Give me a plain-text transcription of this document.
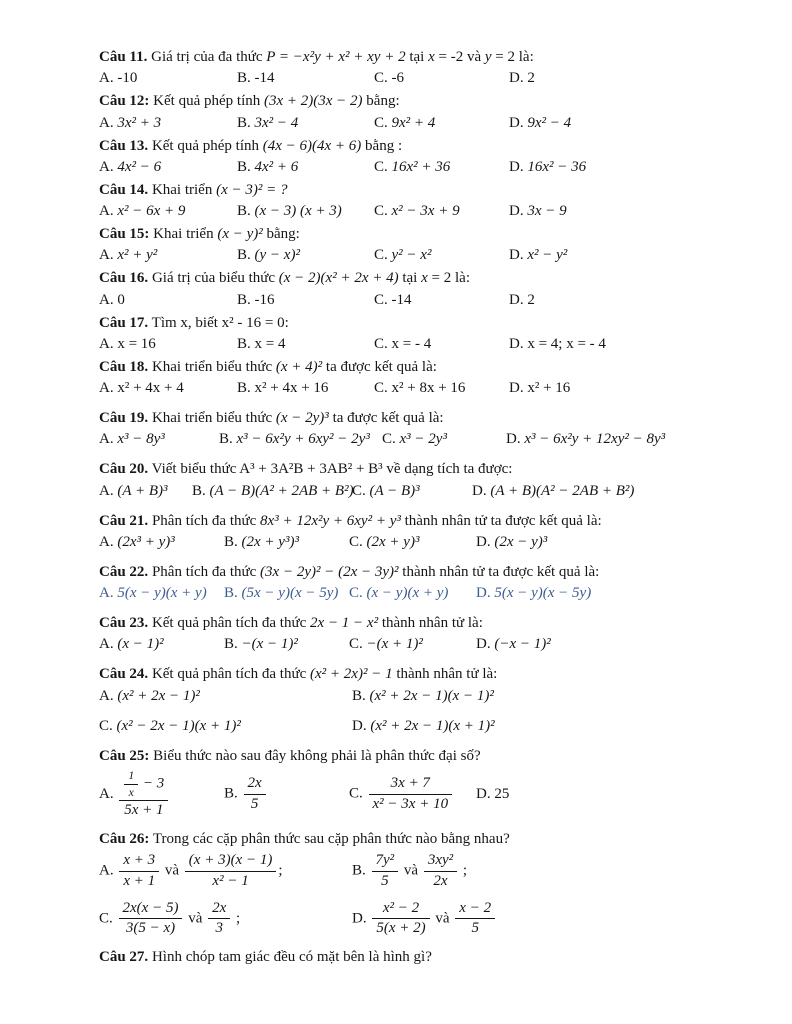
Câu 11. Giá trị của đa thức P = −x²y + x² + xy + 2 tại x = -2 và y = 2 là:
A. -10	B. -14	C. -6	D. 2
Câu 12: Kết quả phép tính (3x + 2)(3x − 2) bằng:
A. 3x² + 3	B. 3x² − 4	C. 9x² + 4	D. 9x² − 4
Câu 13. Kết quả phép tính (4x − 6)(4x + 6) bằng :
A. 4x² − 6	B. 4x² + 6	C. 16x² + 36	D. 16x² − 36
Câu 14. Khai triển (x − 3)² = ?
A. x² − 6x + 9	B. (x − 3) (x + 3)	C. x² − 3x + 9	D. 3x − 9
Câu 15: Khai triển (x − y)² bằng:
A. x² + y²	B. (y − x)²	C. y² − x²	D. x² − y²
Câu 16. Giá trị của biểu thức (x − 2)(x² + 2x + 4) tại x = 2 là:
A. 0	B. -16	C. -14	D. 2
Câu 17. Tìm x, biết x² - 16 = 0:
A. x = 16	B. x = 4	C. x = - 4	D. x = 4; x = - 4
Câu 18. Khai triển biểu thức (x + 4)² ta được kết quả là:
A. x² + 4x + 4	B. x² + 4x + 16	C. x² + 8x + 16	D. x² + 16
Câu 19. Khai triển biểu thức (x − 2y)³ ta được kết quả là:
A. x³ − 8y³	B. x³ − 6x²y + 6xy² − 2y³ C. x³ − 2y³	D. x³ − 6x²y + 12xy² − 8y³
Câu 20. Viết biểu thức A³ + 3A²B + 3AB² + B³ về dạng tích ta được:
A. (A + B)³	B. (A − B)(A² + 2AB + B²)
C. (A − B)³	D. (A + B)(A² − 2AB + B²)
Câu 21. Phân tích đa thức 8x³ + 12x²y + 6xy² + y³ thành nhân tử ta được kết quả là:
A. (2x³ + y)³	B. (2x + y³)³	C. (2x + y)³	D. (2x − y)³
Câu 22. Phân tích đa thức (3x − 2y)² − (2x − 3y)² thành nhân tử ta được kết quả là:
A. 5(x − y)(x + y)	B. (5x − y)(x − 5y) C. (x − y)(x + y)	D. 5(x − y)(x − 5y)
Câu 23. Kết quả phân tích đa thức 2x − 1 − x² thành nhân tử là:
A. (x − 1)²	B. −(x − 1)²	C. −(x + 1)²	D. (−x − 1)²
Câu 24. Kết quả phân tích đa thức (x² + 2x)² − 1 thành nhân tử là:
A. (x² + 2x − 1)²	B. (x² + 2x − 1)(x − 1)²
C. (x² − 2x − 1)(x + 1)²	D. (x² + 2x − 1)(x + 1)²
Câu 25: Biểu thức nào sau đây không phải là phân thức đại số?
A. $\frac{\frac{1}{x} - 3}{5x + 1}$	B. $\frac{2x}{5}$	C. $\frac{3x + 7}{\text{x² − 3x + 10}} D$. 25
Câu 26: Trong các cặp phân thức sau cặp phân thức nào bằng nhau?
A. $\frac{x + 3}{x + 1}$ và $\frac{(x + 3)(x - 1)}{\text{x² − 1}}$ ;	B. $\frac{\text{7y²}}{5}$ và $\frac{\text{3xy²}}{2x}$ ;
C. $\frac{2x(x - 5)}{3(5 - x)}$ và $\frac{2x}{3}$ ;	D. $\frac{\text{x² − 2}}{5(x + 2)}$ và $\frac{x - 2}{5}$
Câu 27. Hình chóp tam giác đều có mặt bên là hình gì?
